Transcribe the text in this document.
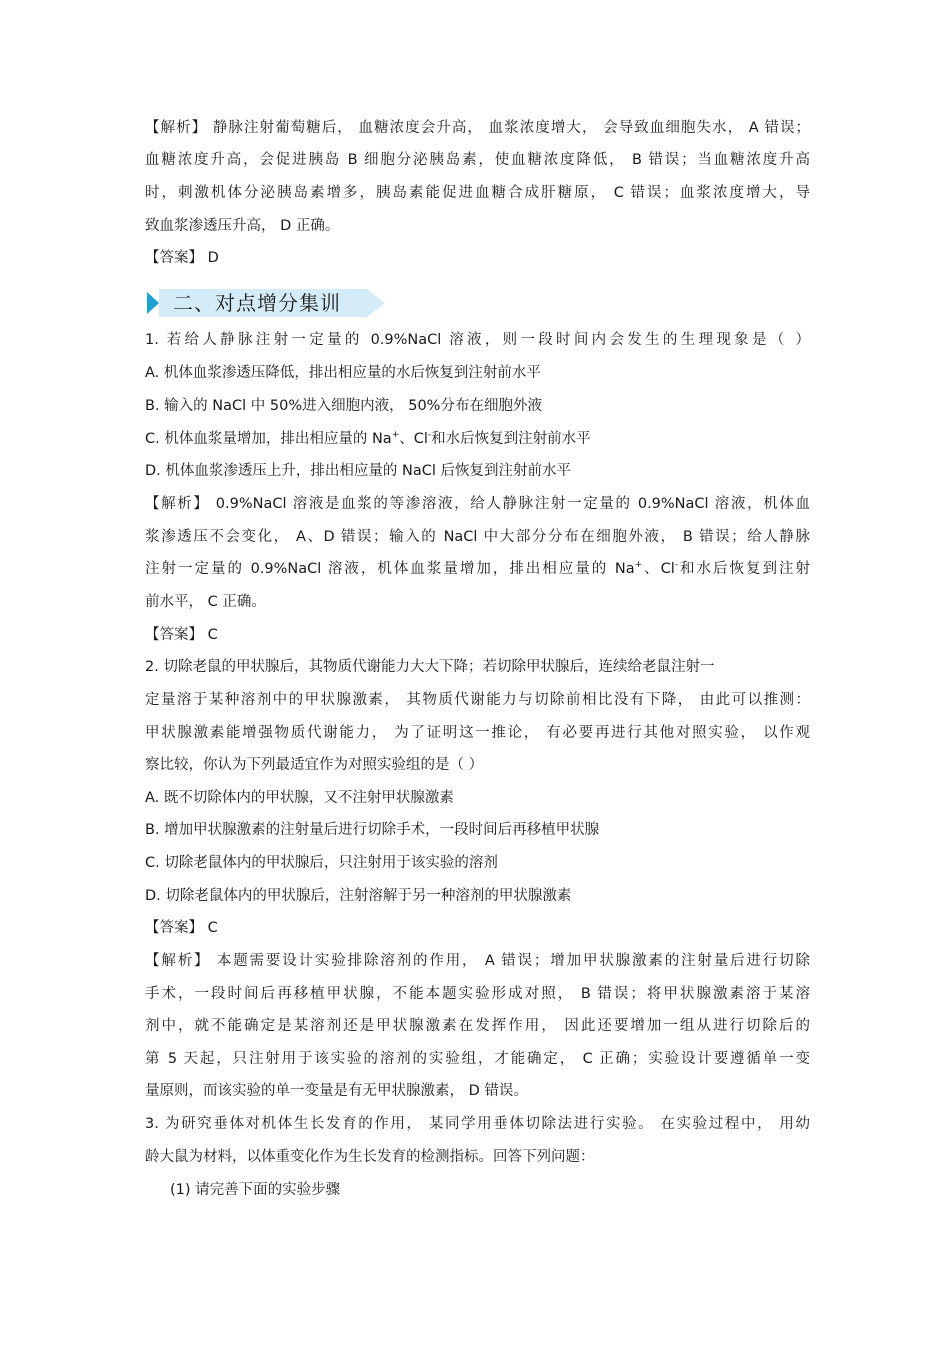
【解析】 静脉注射葡萄糖后， 血糖浓度会升高， 血浆浓度增大， 会导致血细胞失水， A 错误；
血糖浓度升高，会促进胰岛 B 细胞分泌胰岛素，使血糖浓度降低， B 错误；当血糖浓度升高
时，刺激机体分泌胰岛素增多，胰岛素能促进血糖合成肝糖原， C 错误；血浆浓度增大，导
致血浆渗透压升高， D 正确。
【答案】 D
二、对点增分集训
1. 若给人静脉注射一定量的 0.9%NaCl 溶液，则一段时间内会发生的生理现象是（ ）
A. 机体血浆渗透压降低，排出相应量的水后恢复到注射前水平
B. 输入的 NaCl 中 50%进入细胞内液， 50%分布在细胞外液
C. 机体血浆量增加，排出相应量的 Na+、Cl-和水后恢复到注射前水平
D. 机体血浆渗透压上升，排出相应量的 NaCl 后恢复到注射前水平
【解析】 0.9%NaCl 溶液是血浆的等渗溶液，给人静脉注射一定量的 0.9%NaCl 溶液，机体血
浆渗透压不会变化， A、D 错误；输入的 NaCl 中大部分分布在细胞外液， B 错误；给人静脉
注射一定量的 0.9%NaCl 溶液，机体血浆量增加，排出相应量的 Na+、Cl-和水后恢复到注射
前水平， C 正确。
【答案】 C
2. 切除老鼠的甲状腺后，其物质代谢能力大大下降；若切除甲状腺后，连续给老鼠注射一
定量溶于某种溶剂中的甲状腺激素， 其物质代谢能力与切除前相比没有下降， 由此可以推测：
甲状腺激素能增强物质代谢能力， 为了证明这一推论， 有必要再进行其他对照实验， 以作观
察比较，你认为下列最适宜作为对照实验组的是（ ）
A. 既不切除体内的甲状腺，又不注射甲状腺激素
B. 增加甲状腺激素的注射量后进行切除手术，一段时间后再移植甲状腺
C. 切除老鼠体内的甲状腺后，只注射用于该实验的溶剂
D. 切除老鼠体内的甲状腺后，注射溶解于另一种溶剂的甲状腺激素
【答案】 C
【解析】 本题需要设计实验排除溶剂的作用， A 错误；增加甲状腺激素的注射量后进行切除
手术，一段时间后再移植甲状腺，不能本题实验形成对照， B 错误；将甲状腺激素溶于某溶
剂中，就不能确定是某溶剂还是甲状腺激素在发挥作用， 因此还要增加一组从进行切除后的
第 5 天起，只注射用于该实验的溶剂的实验组，才能确定， C 正确；实验设计要遵循单一变
量原则，而该实验的单一变量是有无甲状腺激素， D 错误。
3. 为研究垂体对机体生长发育的作用， 某同学用垂体切除法进行实验。 在实验过程中， 用幼
龄大鼠为材料，以体重变化作为生长发育的检测指标。回答下列问题：
(1) 请完善下面的实验步骤
